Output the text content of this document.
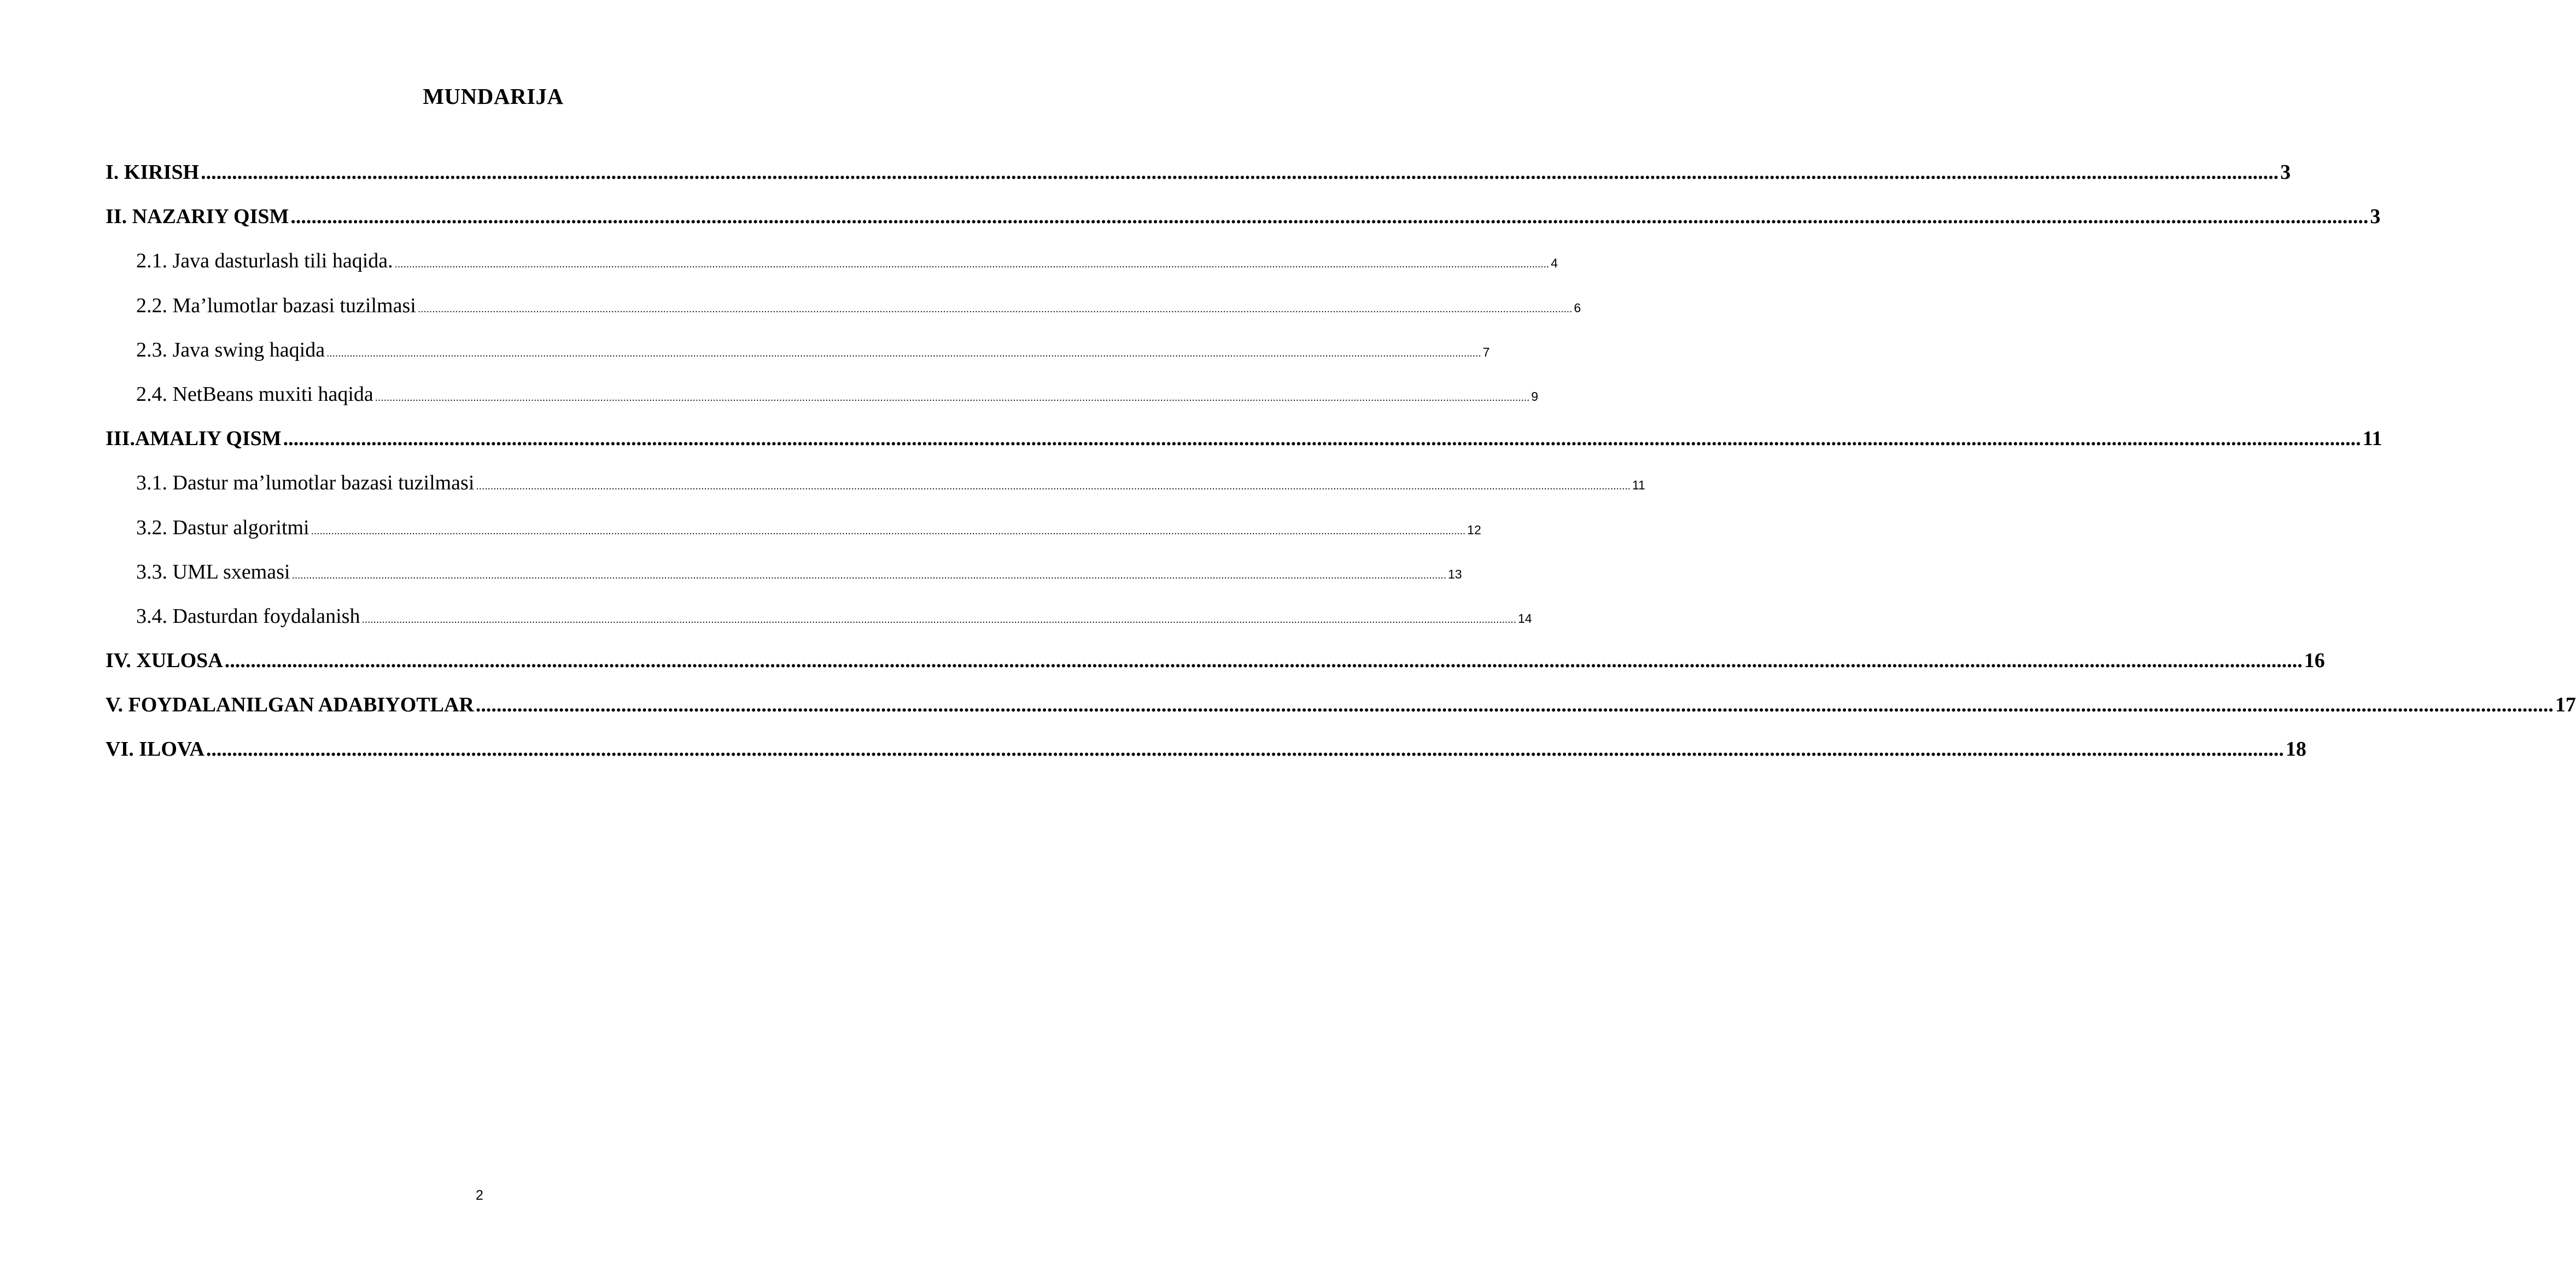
MUNDARIJA
I. KIRISH ................................................................................................................................................................................................................................................................................................................................................................................................................ 3
II. NAZARIY QISM ................................................................................................................................................................................................................................................................................................................................................................................................................ 3
2.1. Java dasturlash tili haqida. ................................................................................................................................................................................................................................................................................................................................................................................................................ 4
2.2. Ma’lumotlar bazasi tuzilmasi ................................................................................................................................................................................................................................................................................................................................................................................................................ 6
2.3. Java swing haqida ................................................................................................................................................................................................................................................................................................................................................................................................................ 7
2.4. NetBeans muxiti haqida ................................................................................................................................................................................................................................................................................................................................................................................................................ 9
III.AMALIY QISM ................................................................................................................................................................................................................................................................................................................................................................................................................ 11
3.1. Dastur ma’lumotlar bazasi tuzilmasi ................................................................................................................................................................................................................................................................................................................................................................................................................ 11
3.2. Dastur algoritmi ................................................................................................................................................................................................................................................................................................................................................................................................................ 12
3.3. UML sxemasi ................................................................................................................................................................................................................................................................................................................................................................................................................ 13
3.4. Dasturdan foydalanish ................................................................................................................................................................................................................................................................................................................................................................................................................ 14
IV. XULOSA ................................................................................................................................................................................................................................................................................................................................................................................................................ 16
V. FOYDALANILGAN ADABIYOTLAR ................................................................................................................................................................................................................................................................................................................................................................................................................ 17
VI. ILOVA ................................................................................................................................................................................................................................................................................................................................................................................................................ 18
2
